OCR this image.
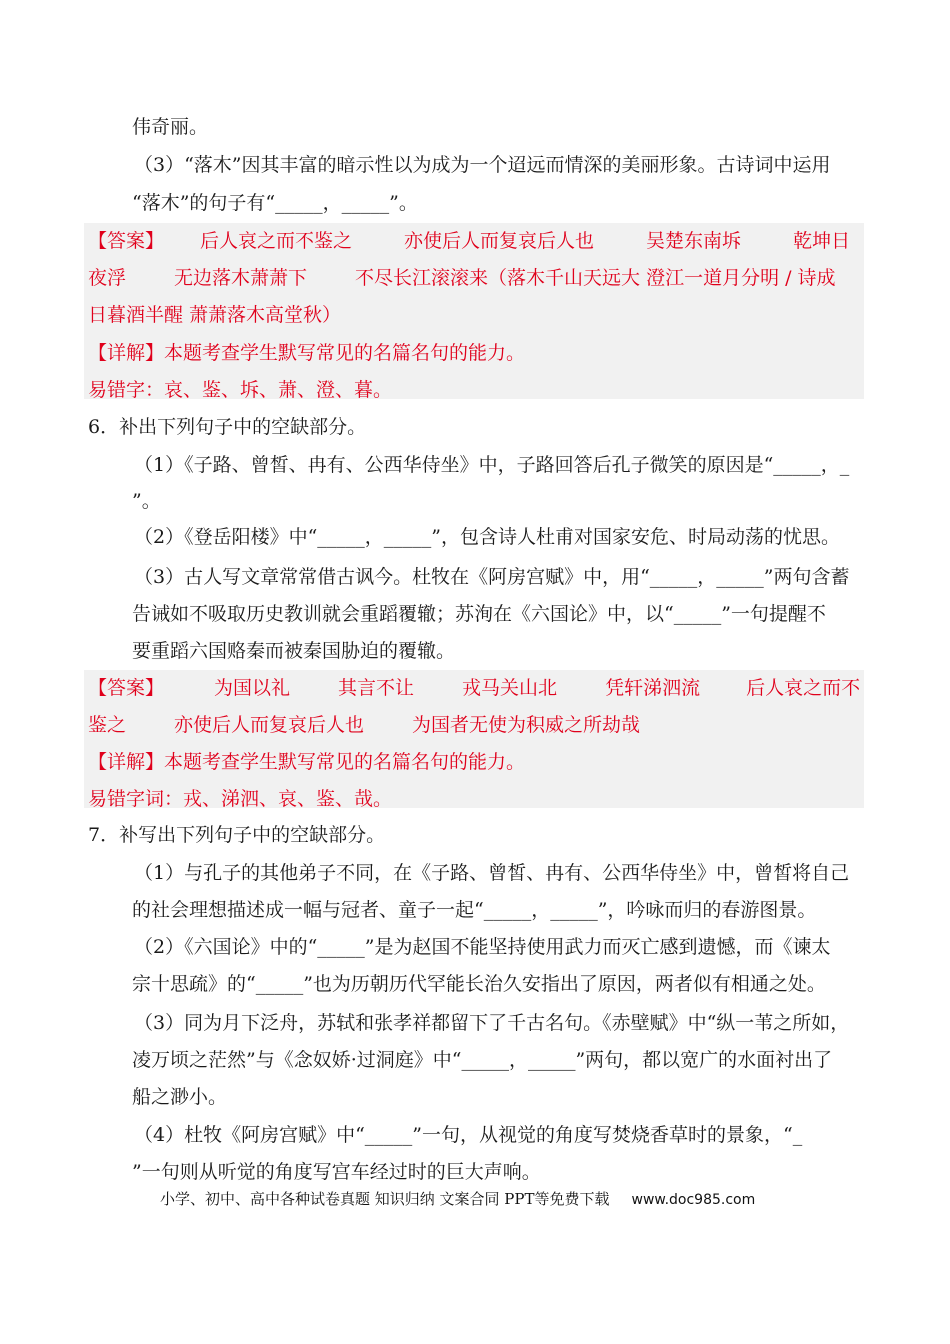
伟奇丽。
（3）“落木”因其丰富的暗示性以为成为一个迢远而情深的美丽形象。古诗词中运用
“落木”的句子有“_____，_____”。
【答案】 后人哀之而不鉴之	亦使后人而复哀后人也	吴楚东南坼	乾坤日
夜浮	无边落木萧萧下	不尽长江滚滚来（落木千山天远大 澄江一道月分明 / 诗成
日暮酒半醒 萧萧落木高堂秋）
【详解】本题考查学生默写常见的名篇名句的能力。
易错字：哀、鉴、坼、萧、澄、暮。
6．补出下列句子中的空缺部分。
（1）《子路、曾皙、冉有、公西华侍坐》中，子路回答后孔子微笑的原因是“_____，_
”。
（2）《登岳阳楼》中“_____，_____”，包含诗人杜甫对国家安危、时局动荡的忧思。
（3）古人写文章常常借古讽今。杜牧在《阿房宫赋》中，用“_____，_____”两句含蓄
告诫如不吸取历史教训就会重蹈覆辙；苏洵在《六国论》中，以“_____”一句提醒不
要重蹈六国赂秦而被秦国胁迫的覆辙。
【答案】	为国以礼	其言不让	戎马关山北	凭轩涕泗流 后人哀之而不
鉴之	亦使后人而复哀后人也	为国者无使为积威之所劫哉
【详解】本题考查学生默写常见的名篇名句的能力。
易错字词：戎、涕泗、哀、鉴、哉。
7．补写出下列句子中的空缺部分。
（1）与孔子的其他弟子不同，在《子路、曾皙、冉有、公西华侍坐》中，曾皙将自己
的社会理想描述成一幅与冠者、童子一起“_____，_____”，吟咏而归的春游图景。
（2）《六国论》中的“_____”是为赵国不能坚持使用武力而灭亡感到遗憾，而《谏太
宗十思疏》的“_____”也为历朝历代罕能长治久安指出了原因，两者似有相通之处。
（3）同为月下泛舟，苏轼和张孝祥都留下了千古名句。《赤壁赋》中“纵一苇之所如，
凌万顷之茫然”与《念奴娇·过洞庭》中“_____，_____”两句，都以宽广的水面衬出了
船之渺小。
（4）杜牧《阿房宫赋》中“_____”一句，从视觉的角度写焚烧香草时的景象，“_
”一句则从听觉的角度写宫车经过时的巨大声响。
小学、初中、高中各种试卷真题 知识归纳 文案合同 PPT等免费下载 www.doc985.com
